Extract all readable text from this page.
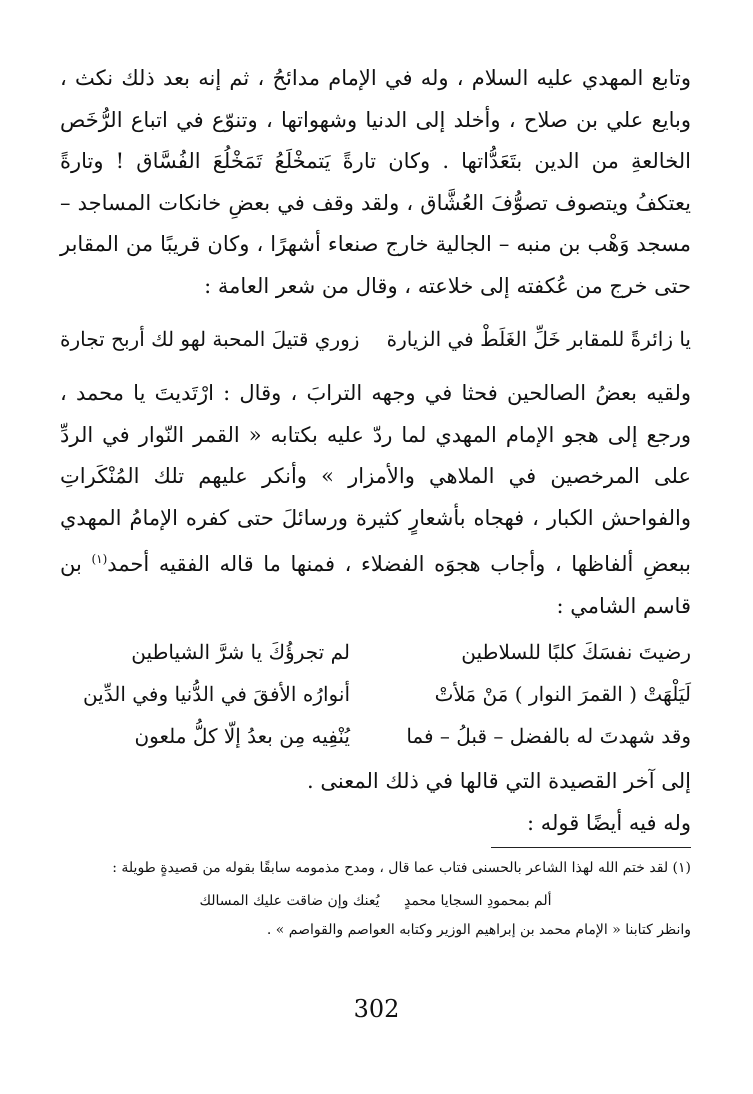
وتابع المهدي عليه السلام ، وله في الإمام مدائحُ ، ثم إنه بعد ذلك نكث ، وبايع علي بن صلاح ، وأخلد إلى الدنيا وشهواتها ، وتنوّع في اتباع الرُّخَص الخالعةِ من الدين بتَعَدُّاتها . وكان تارةً يَتمخْلَعُ تَمَخْلُعَ الفُسَّاق ! وتارةً يعتكفُ ويتصوف تصوُّفَ العُشَّاق ، ولقد وقف في بعضِ خانكات المساجد – مسجد وَهْب بن منبه – الجالية خارج صنعاء أشهرًا ، وكان قريبًا من المقابر حتى خرج من عُكفته إلى خلاعته ، وقال من شعر العامة :

يا زائرةً للمقابر خَلِّ الغَلَطْ في الزيارة
زوري قتيلَ المحبة لهو لك أربح تجارة

ولقيه بعضُ الصالحين فحثا في وجهه الترابَ ، وقال : ارْتَديتَ يا محمد ، ورجع إلى هجو الإمام المهدي لما ردّ عليه بكتابه « القمر النّوار في الردِّ على المرخصين في الملاهي والأمزار » وأنكر عليهم تلك المُنْكَراتِ والفواحش الكبار ، فهجاه بأشعارٍ كثيرة ورسائلَ حتى كفره الإمامُ المهدي ببعضِ ألفاظها ، وأجاب هجوَه الفضلاء ، فمنها ما قاله الفقيه أحمد$^{(١)}$ بن قاسم الشامي :

رضيتَ نفسَكَ كلبًا للسلاطين
لم تجرؤُكَ يا شرَّ الشياطين
لَيَلْهَتْ ( القمرَ النوار ) مَنْ مَلأتْ
أنوارُه الأفقَ في الدُّنيا وفي الدِّين
وقد شهدتَ له بالفضل – قبلُ – فما
يُنْفِيه مِن بعدُ إلّا كلُّ ملعون

إلى آخر القصيدة التي قالها في ذلك المعنى .

وله فيه أيضًا قوله :

(١) لقد ختم الله لهذا الشاعر بالحسنى فتاب عما قال ، ومدح مذمومه سابقًا بقوله من قصيدةٍ طويلة :

ألم بمحمودِ السجايا محمدٍ يُعنك وإن ضاقت عليك المسالك

وانظر كتابنا « الإمام محمد بن إبراهيم الوزير وكتابه العواصم والقواصم » .

302
